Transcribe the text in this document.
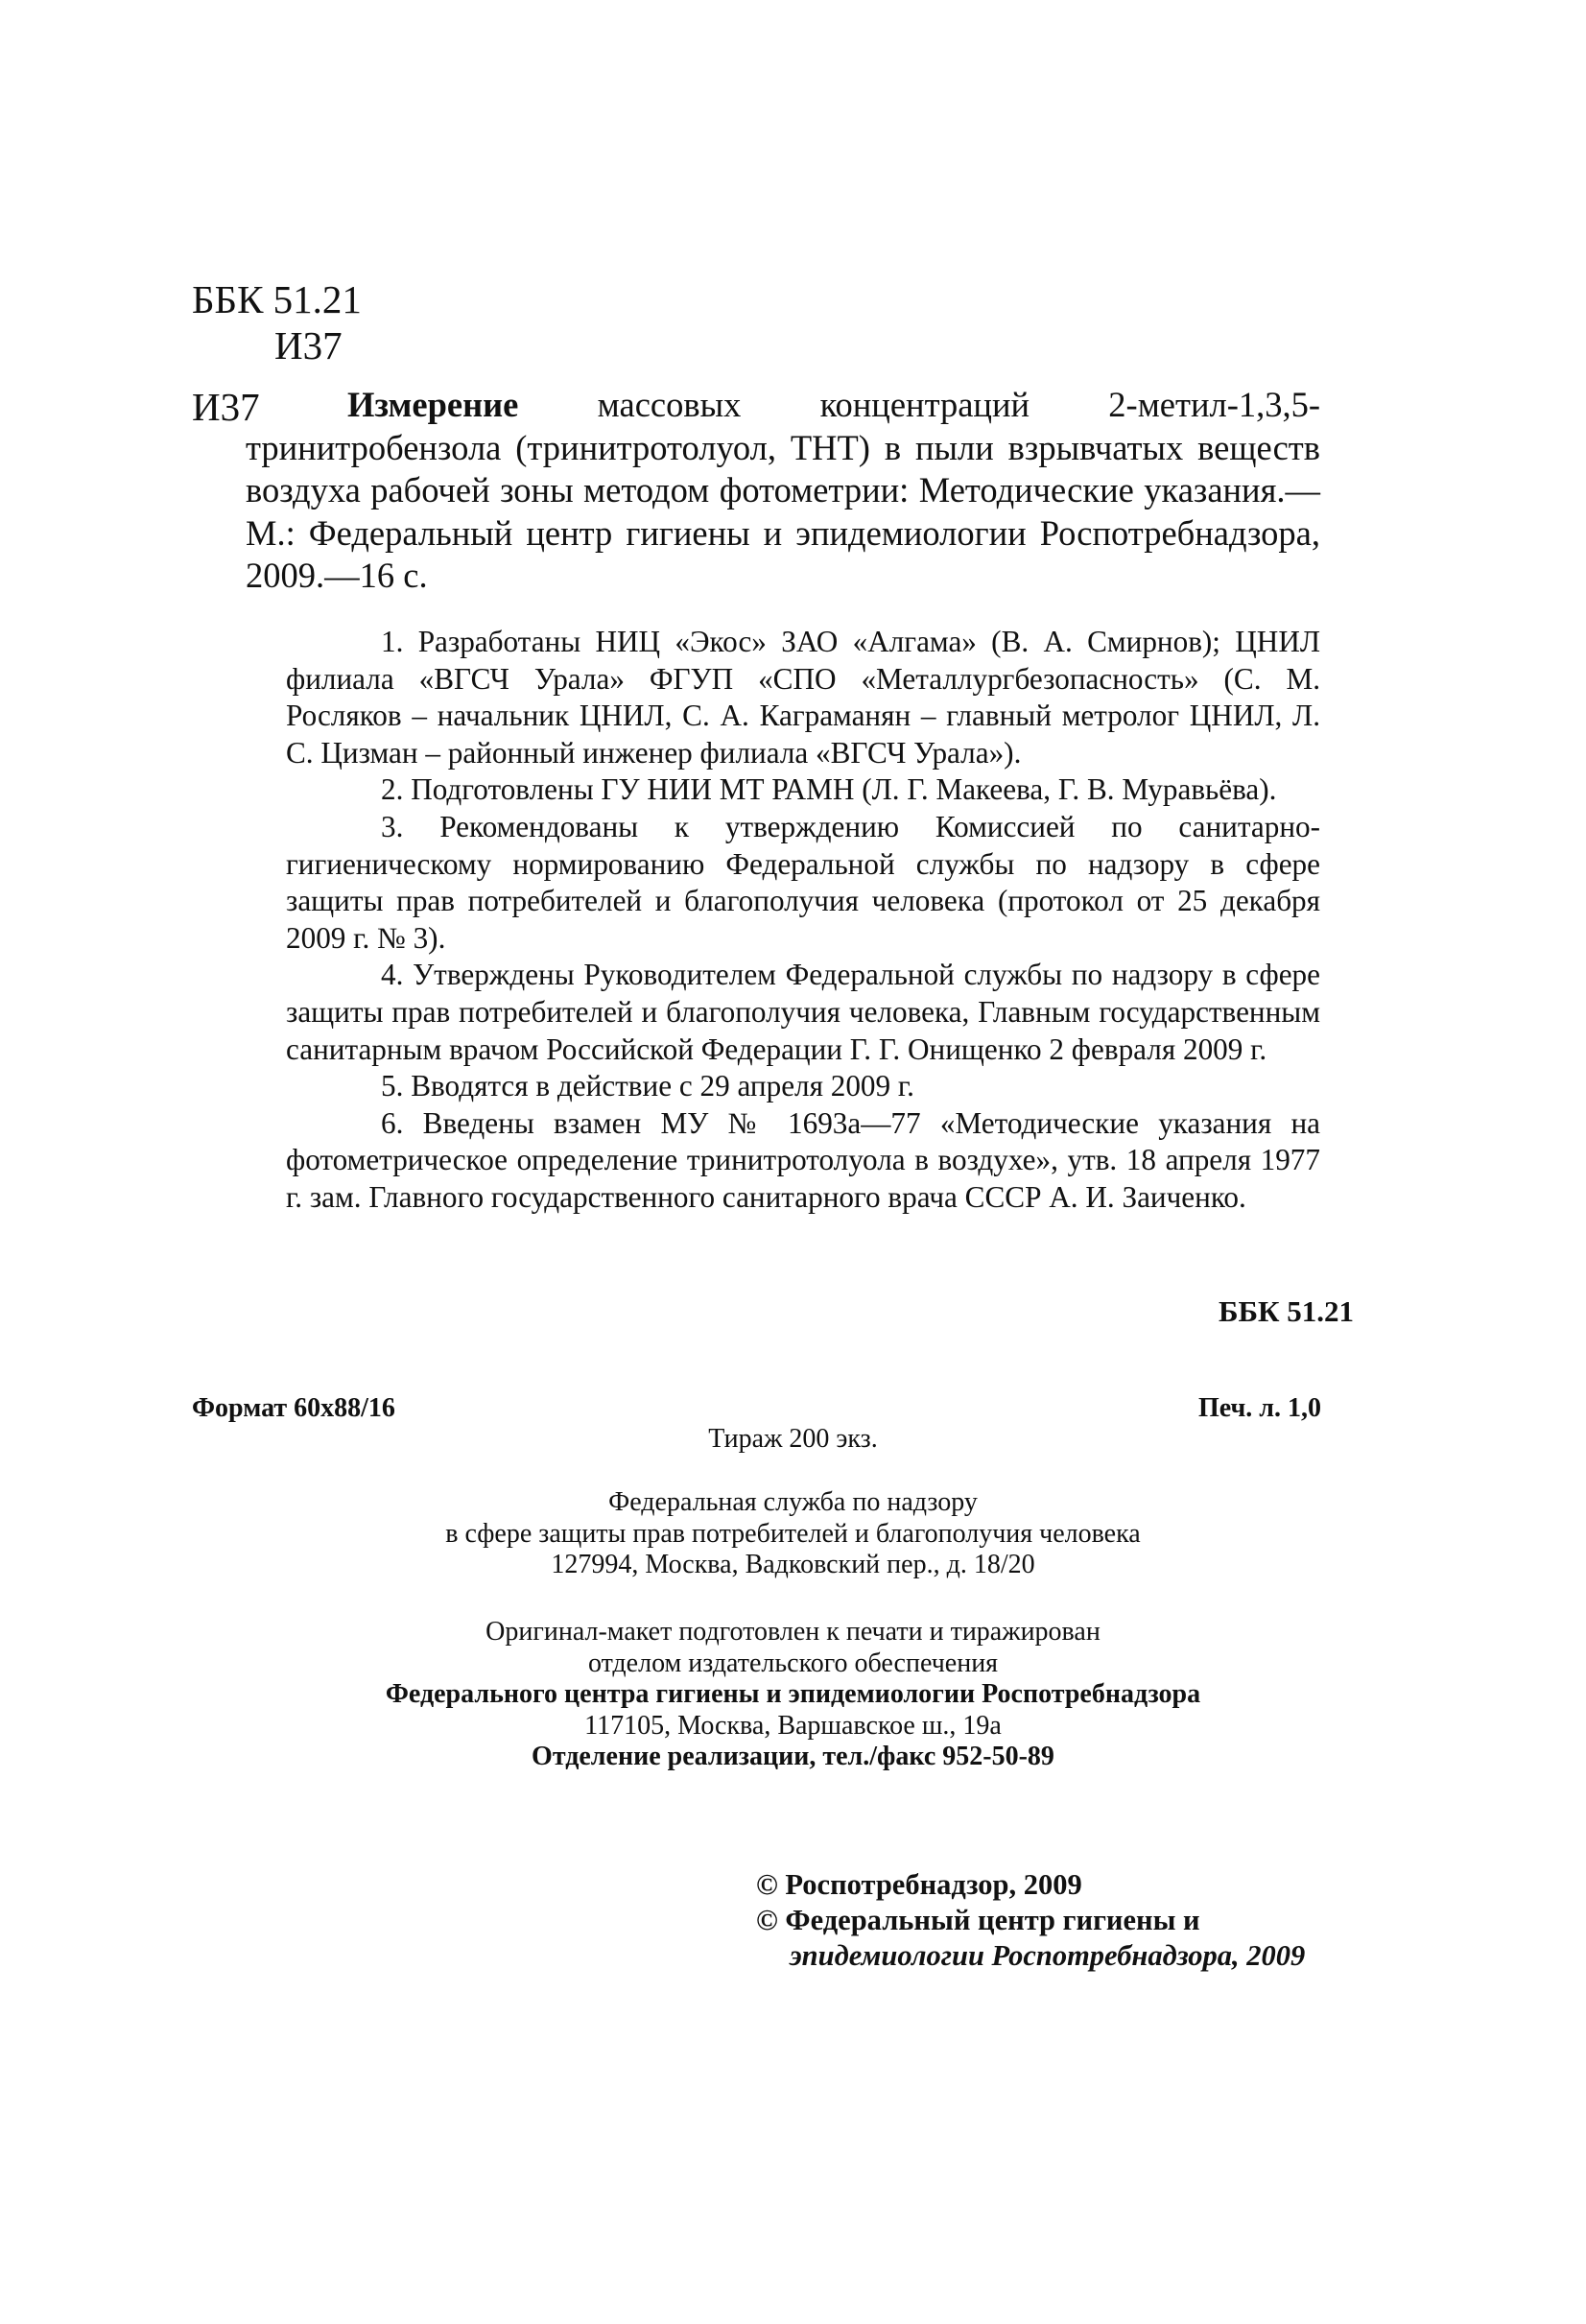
ББК 51.21
И37
И37	Измерение массовых концентраций 2-метил-1,3,5-тринитробензола (тринитротолуол, ТНТ) в пыли взрывчатых веществ воздуха рабочей зоны методом фотометрии: Методические указания.—М.: Федеральный центр гигиены и эпидемиологии Роспотребнадзора, 2009.—16 с.

1. Разработаны НИЦ «Экос» ЗАО «Алгама» (В. А. Смирнов); ЦНИЛ филиала «ВГСЧ Урала» ФГУП «СПО «Металлургбезопасность» (С. М. Росляков – начальник ЦНИЛ, С. А. Каграманян – главный метролог ЦНИЛ, Л. С. Цизман – районный инженер филиала «ВГСЧ Урала»).

2. Подготовлены ГУ НИИ МТ РАМН (Л. Г. Макеева, Г. В. Муравьёва).

3. Рекомендованы к утверждению Комиссией по санитарно-гигиеническому нормированию Федеральной службы по надзору в сфере защиты прав потребителей и благополучия человека (протокол от 25 декабря 2009 г. № 3).

4. Утверждены Руководителем Федеральной службы по надзору в сфере защиты прав потребителей и благополучия человека, Главным государственным санитарным врачом Российской Федерации Г. Г. Онищенко 2 февраля 2009 г.

5. Вводятся в действие с 29 апреля 2009 г.

6. Введены взамен МУ № 1693а—77 «Методические указания на фотометрическое определение тринитротолуола в воздухе», утв. 18 апреля 1977 г. зам. Главного государственного санитарного врача СССР А. И. Заиченко.

ББК 51.21
Формат 60х88/16	Печ. л. 1,0
Тираж 200 экз.
Федеральная служба по надзору
в сфере защиты прав потребителей и благополучия человека
127994, Москва, Вадковский пер., д. 18/20
Оригинал-макет подготовлен к печати и тиражирован
отделом издательского обеспечения
Федерального центра гигиены и эпидемиологии Роспотребнадзора
117105, Москва, Варшавское ш., 19а
Отделение реализации, тел./факс 952-50-89
© Роспотребнадзор, 2009
© Федеральный центр гигиены и
эпидемиологии Роспотребнадзора, 2009
